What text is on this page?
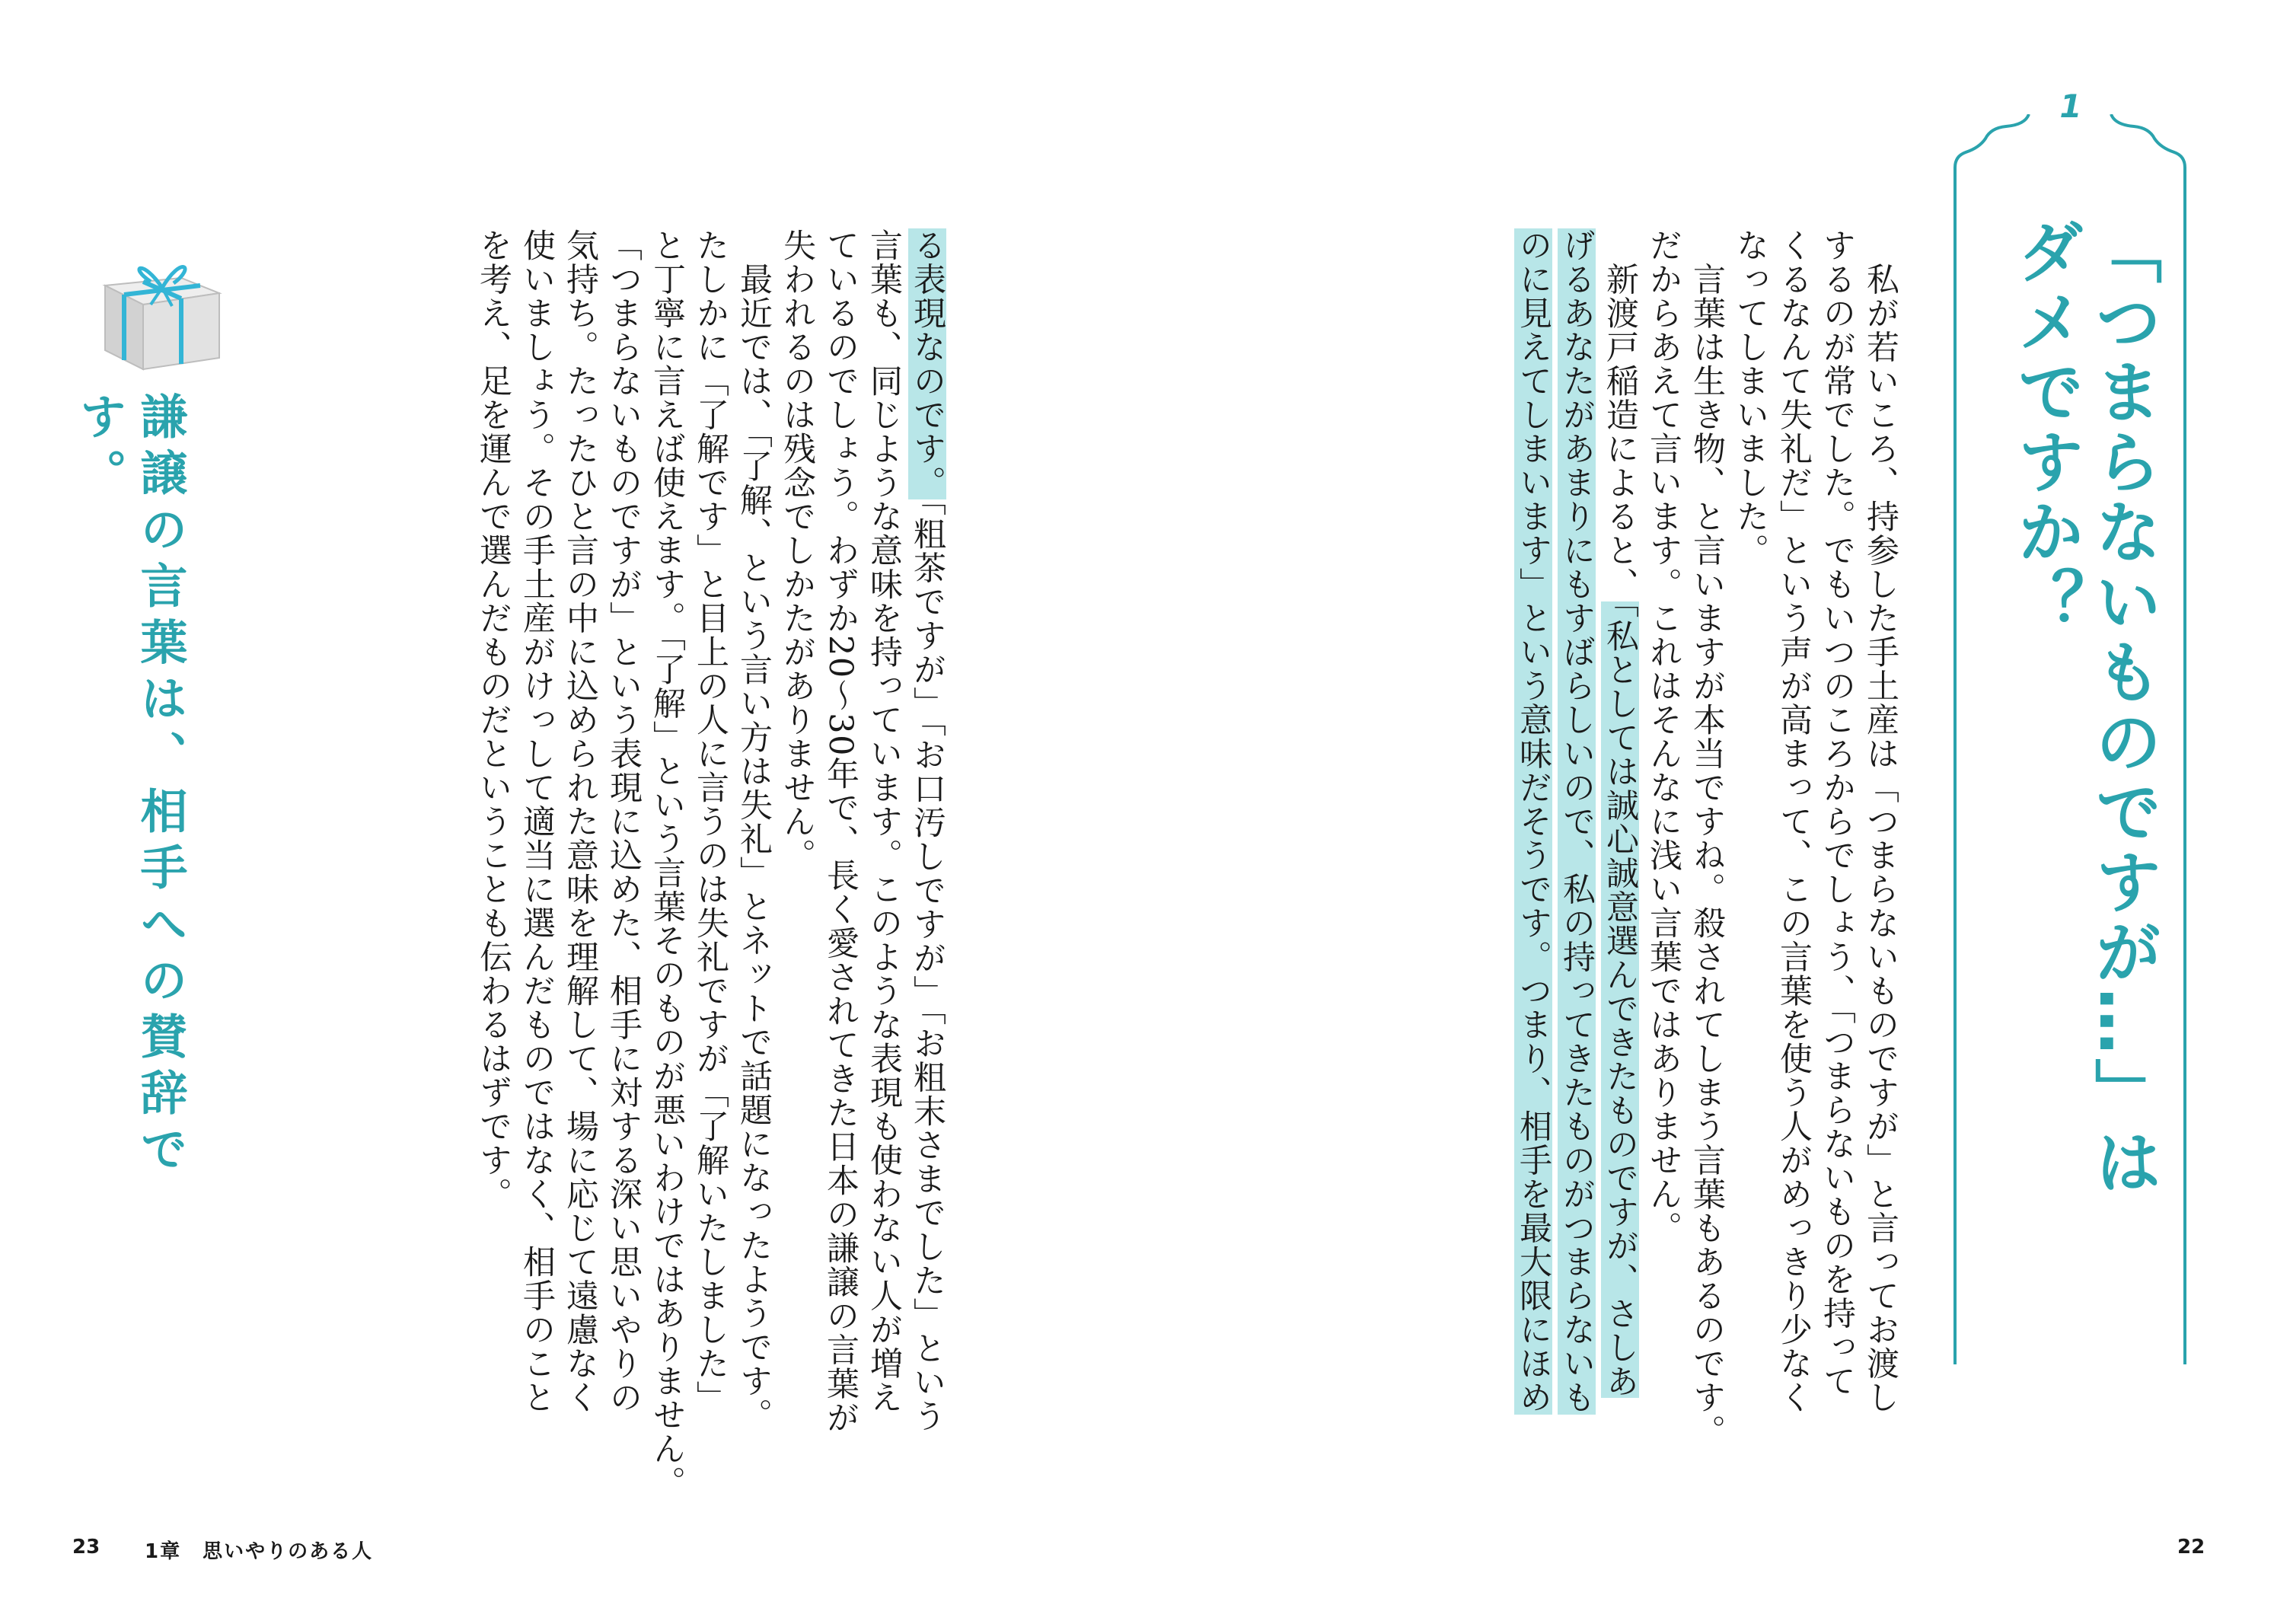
1
「つまらないものですが…」は
ダメですか？

　私が若いころ、持参した手土産は「つまらないものですが」と言ってお渡し

するのが常でした。でもいつのころからでしょう、「つまらないものを持って

くるなんて失礼だ」という声が高まって、この言葉を使う人がめっきり少なく

なってしまいました。

　言葉は生き物、と言いますが本当ですね。殺されてしまう言葉もあるのです。

だからあえて言います。これはそんなに浅い言葉ではありません。

　新渡戸稲造によると、「私としては誠心誠意選んできたものですが、さしあ

げるあなたがあまりにもすばらしいので、私の持ってきたものがつまらないも

のに見えてしまいます」という意味だそうです。つまり、相手を最大限にほめ

る表現なのです。「粗茶ですが」「お口汚しですが」「お粗末さまでした」という

言葉も、同じような意味を持っています。このような表現も使わない人が増え

ているのでしょう。わずか20～30年で、長く愛されてきた日本の謙譲の言葉が

失われるのは残念でしかたがありません。

　最近では、「了解、という言い方は失礼」とネットで話題になったようです。

たしかに「了解です」と目上の人に言うのは失礼ですが「了解いたしました」

と丁寧に言えば使えます。「了解」という言葉そのものが悪いわけではありません。

「つまらないものですが」という表現に込めた、相手に対する深い思いやりの

気持ち。たったひと言の中に込められた意味を理解して、場に応じて遠慮なく

使いましょう。その手土産がけっして適当に選んだものではなく、相手のこと

を考え、足を運んで選んだものだということも伝わるはずです。

謙譲の言葉は、相手への賛辞です。
23 1章　思いやりのある人	22
